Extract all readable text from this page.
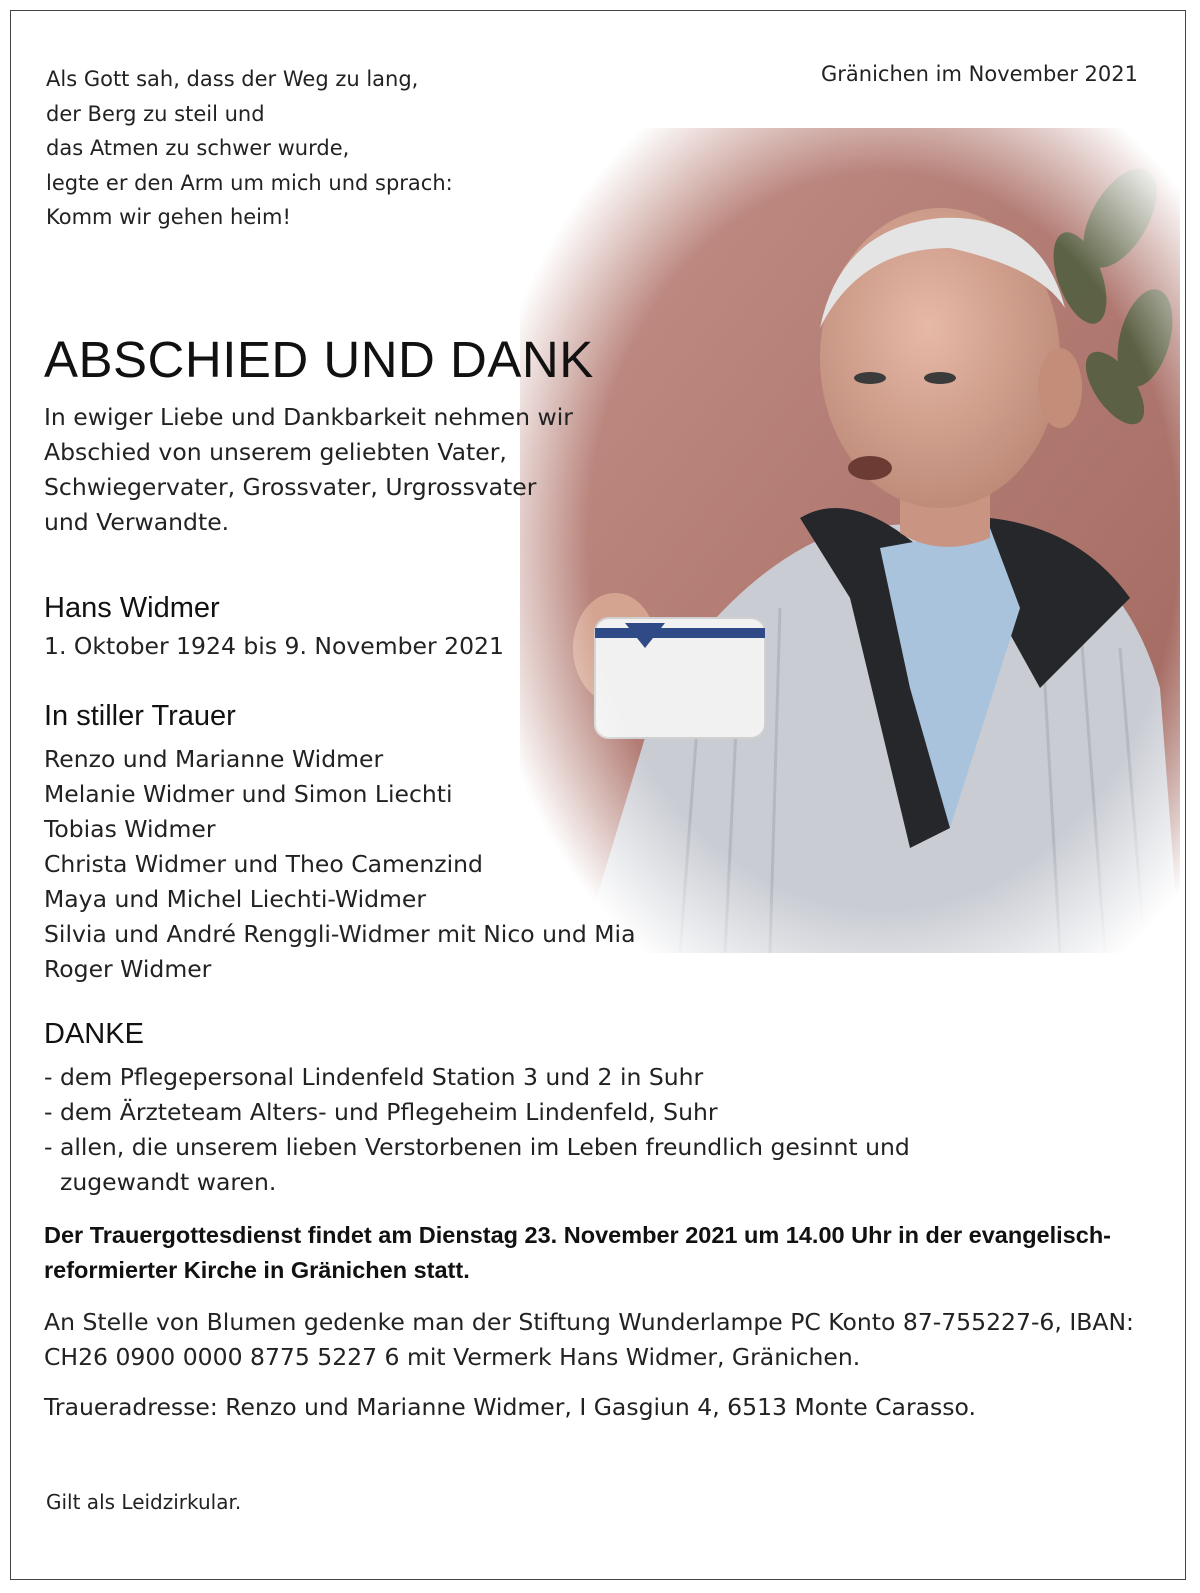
Als Gott sah, dass der Weg zu lang,
der Berg zu steil und
das Atmen zu schwer wurde,
legte er den Arm um mich und sprach:
Komm wir gehen heim!
Gränichen im November 2021
ABSCHIED UND DANK
In ewiger Liebe und Dankbarkeit nehmen wir
Abschied von unserem geliebten Vater,
Schwiegervater, Grossvater, Urgrossvater
und Verwandte.
Hans Widmer
1. Oktober 1924 bis 9. November 2021
In stiller Trauer
Renzo und Marianne Widmer
Melanie Widmer und Simon Liechti
Tobias Widmer
Christa Widmer und Theo Camenzind
Maya und Michel Liechti-Widmer
Silvia und André Renggli-Widmer mit Nico und Mia
Roger Widmer
DANKE
- dem Pflegepersonal Lindenfeld Station 3 und 2 in Suhr
- dem Ärzteteam Alters- und Pflegeheim Lindenfeld, Suhr
- allen, die unserem lieben Verstorbenen im Leben freundlich gesinnt und zugewandt waren.
Der Trauergottesdienst findet am Dienstag 23. November 2021 um 14.00 Uhr in der evangelisch-reformierter Kirche in Gränichen statt.
An Stelle von Blumen gedenke man der Stiftung Wunderlampe PC Konto 87-755227-6, IBAN: CH26 0900 0000 8775 5227 6 mit Vermerk Hans Widmer, Gränichen.
Traueradresse: Renzo und Marianne Widmer, I Gasgiun 4, 6513 Monte Carasso.
Gilt als Leidzirkular.
